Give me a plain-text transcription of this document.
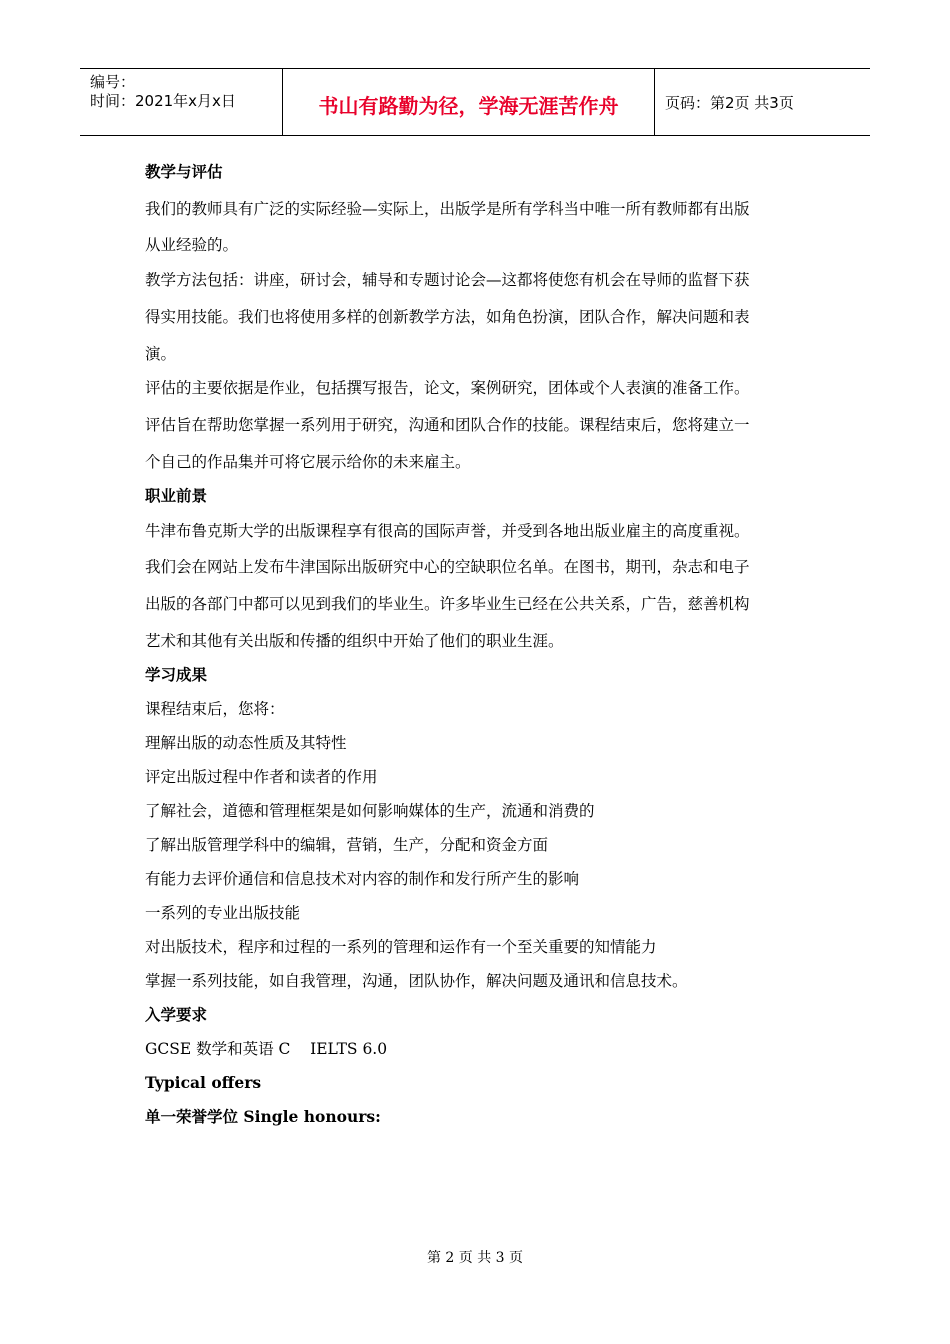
编号：
时间：2021年x月x日	书山有路勤为径，学海无涯苦作舟	页码：第2页 共3页
教学与评估
我们的教师具有广泛的实际经验—实际上，出版学是所有学科当中唯一所有教师都有出版
从业经验的。
教学方法包括：讲座，研讨会，辅导和专题讨论会—这都将使您有机会在导师的监督下获
得实用技能。我们也将使用多样的创新教学方法，如角色扮演，团队合作，解决问题和表
演。
评估的主要依据是作业，包括撰写报告，论文，案例研究，团体或个人表演的准备工作。
评估旨在帮助您掌握一系列用于研究，沟通和团队合作的技能。课程结束后，您将建立一
个自己的作品集并可将它展示给你的未来雇主。
职业前景
牛津布鲁克斯大学的出版课程享有很高的国际声誉，并受到各地出版业雇主的高度重视。
我们会在网站上发布牛津国际出版研究中心的空缺职位名单。在图书，期刊，杂志和电子
出版的各部门中都可以见到我们的毕业生。许多毕业生已经在公共关系，广告，慈善机构
艺术和其他有关出版和传播的组织中开始了他们的职业生涯。
学习成果
课程结束后，您将：
理解出版的动态性质及其特性
评定出版过程中作者和读者的作用
了解社会，道德和管理框架是如何影响媒体的生产，流通和消费的
了解出版管理学科中的编辑，营销，生产，分配和资金方面
有能力去评价通信和信息技术对内容的制作和发行所产生的影响
一系列的专业出版技能
对出版技术，程序和过程的一系列的管理和运作有一个至关重要的知情能力
掌握一系列技能，如自我管理，沟通，团队协作，解决问题及通讯和信息技术。
入学要求
GCSE 数学和英语 C    IELTS 6.0
Typical offers
单一荣誉学位 Single honours:
第 2 页 共 3 页
